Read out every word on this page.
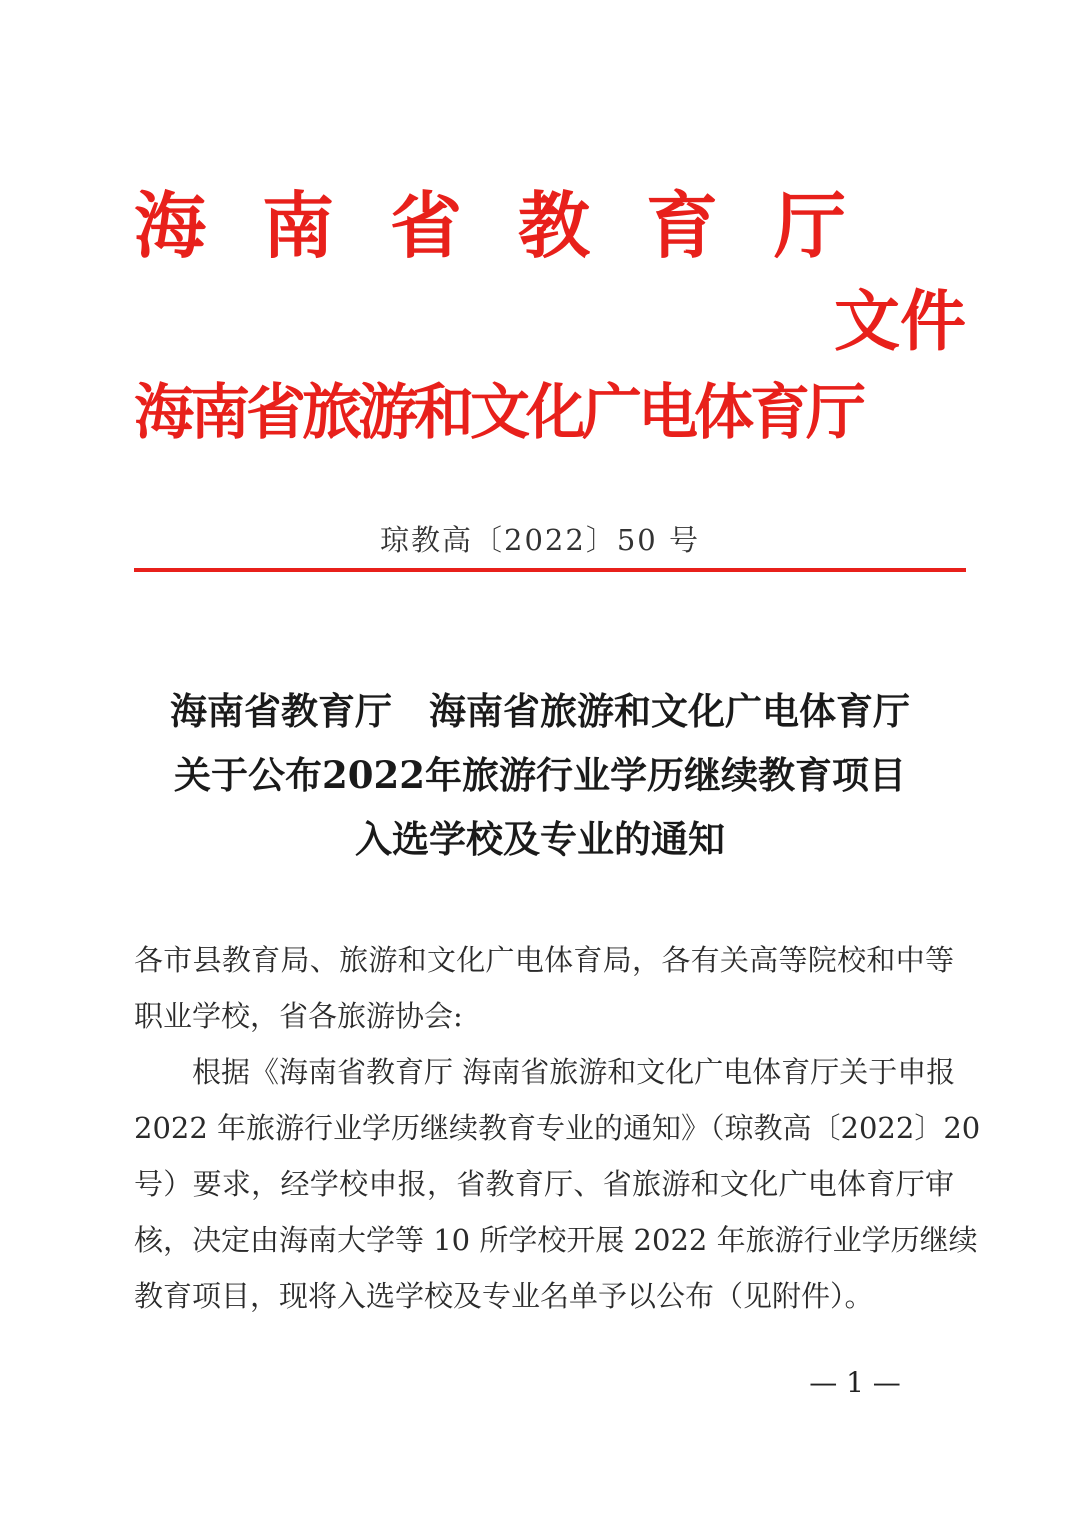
海南省教育厅
文件
海南省旅游和文化广电体育厅
琼教高〔2022〕50 号
海南省教育厅　海南省旅游和文化广电体育厅
关于公布2022年旅游行业学历继续教育项目
入选学校及专业的通知
各市县教育局、旅游和文化广电体育局，各有关高等院校和中等
职业学校，省各旅游协会:
　　根据《海南省教育厅 海南省旅游和文化广电体育厅关于申报
2022 年旅游行业学历继续教育专业的通知》（琼教高〔2022〕20
号）要求，经学校申报，省教育厅、省旅游和文化广电体育厅审
核，决定由海南大学等 10 所学校开展 2022 年旅游行业学历继续
教育项目，现将入选学校及专业名单予以公布（见附件）。
— 1 —
